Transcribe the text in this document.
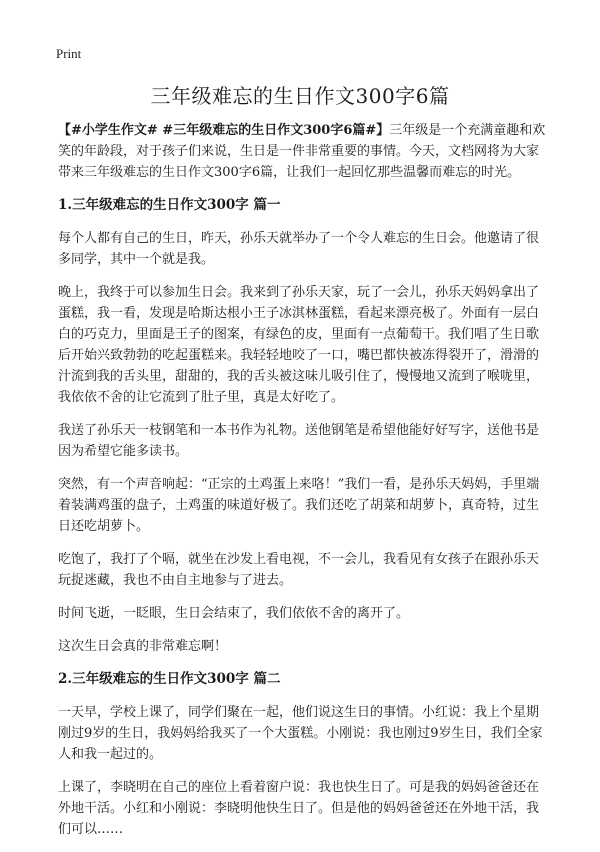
Print
三年级难忘的生日作文300字6篇

【#小学生作文# #三年级难忘的生日作文300字6篇#】三年级是一个充满童趣和欢笑的年龄段，对于孩子们来说，生日是一件非常重要的事情。今天，文档网将为大家带来三年级难忘的生日作文300字6篇，让我们一起回忆那些温馨而难忘的时光。

1.三年级难忘的生日作文300字 篇一

每个人都有自己的生日，昨天，孙乐天就举办了一个令人难忘的生日会。他邀请了很多同学，其中一个就是我。

晚上，我终于可以参加生日会。我来到了孙乐天家，玩了一会儿，孙乐天妈妈拿出了蛋糕，我一看，发现是哈斯达根小王子冰淇林蛋糕，看起来漂亮极了。外面有一层白白的巧克力，里面是王子的图案，有绿色的皮，里面有一点葡萄干。我们唱了生日歌后开始兴致勃勃的吃起蛋糕来。我轻轻地咬了一口，嘴巴都快被冻得裂开了，滑滑的汁流到我的舌头里，甜甜的，我的舌头被这味儿吸引住了，慢慢地又流到了喉咙里，我依依不舍的让它流到了肚子里，真是太好吃了。

我送了孙乐天一枝钢笔和一本书作为礼物。送他钢笔是希望他能好好写字，送他书是因为希望它能多读书。

突然，有一个声音响起：“正宗的土鸡蛋上来咯！”我们一看，是孙乐天妈妈，手里端着装满鸡蛋的盘子，土鸡蛋的味道好极了。我们还吃了胡菜和胡萝卜，真奇特，过生日还吃胡萝卜。

吃饱了，我打了个嗝，就坐在沙发上看电视，不一会儿，我看见有女孩子在跟孙乐天玩捉迷藏，我也不由自主地参与了进去。

时间飞逝，一眨眼，生日会结束了，我们依依不舍的离开了。

这次生日会真的非常难忘啊！

2.三年级难忘的生日作文300字 篇二

一天早，学校上课了，同学们聚在一起，他们说这生日的事情。小红说：我上个星期刚过9岁的生日，我妈妈给我买了一个大蛋糕。小刚说：我也刚过9岁生日，我们全家人和我一起过的。

上课了，李晓明在自己的座位上看着窗户说：我也快生日了。可是我的妈妈爸爸还在外地干活。小红和小刚说：李晓明他快生日了。但是他的妈妈爸爸还在外地干活，我们可以……
